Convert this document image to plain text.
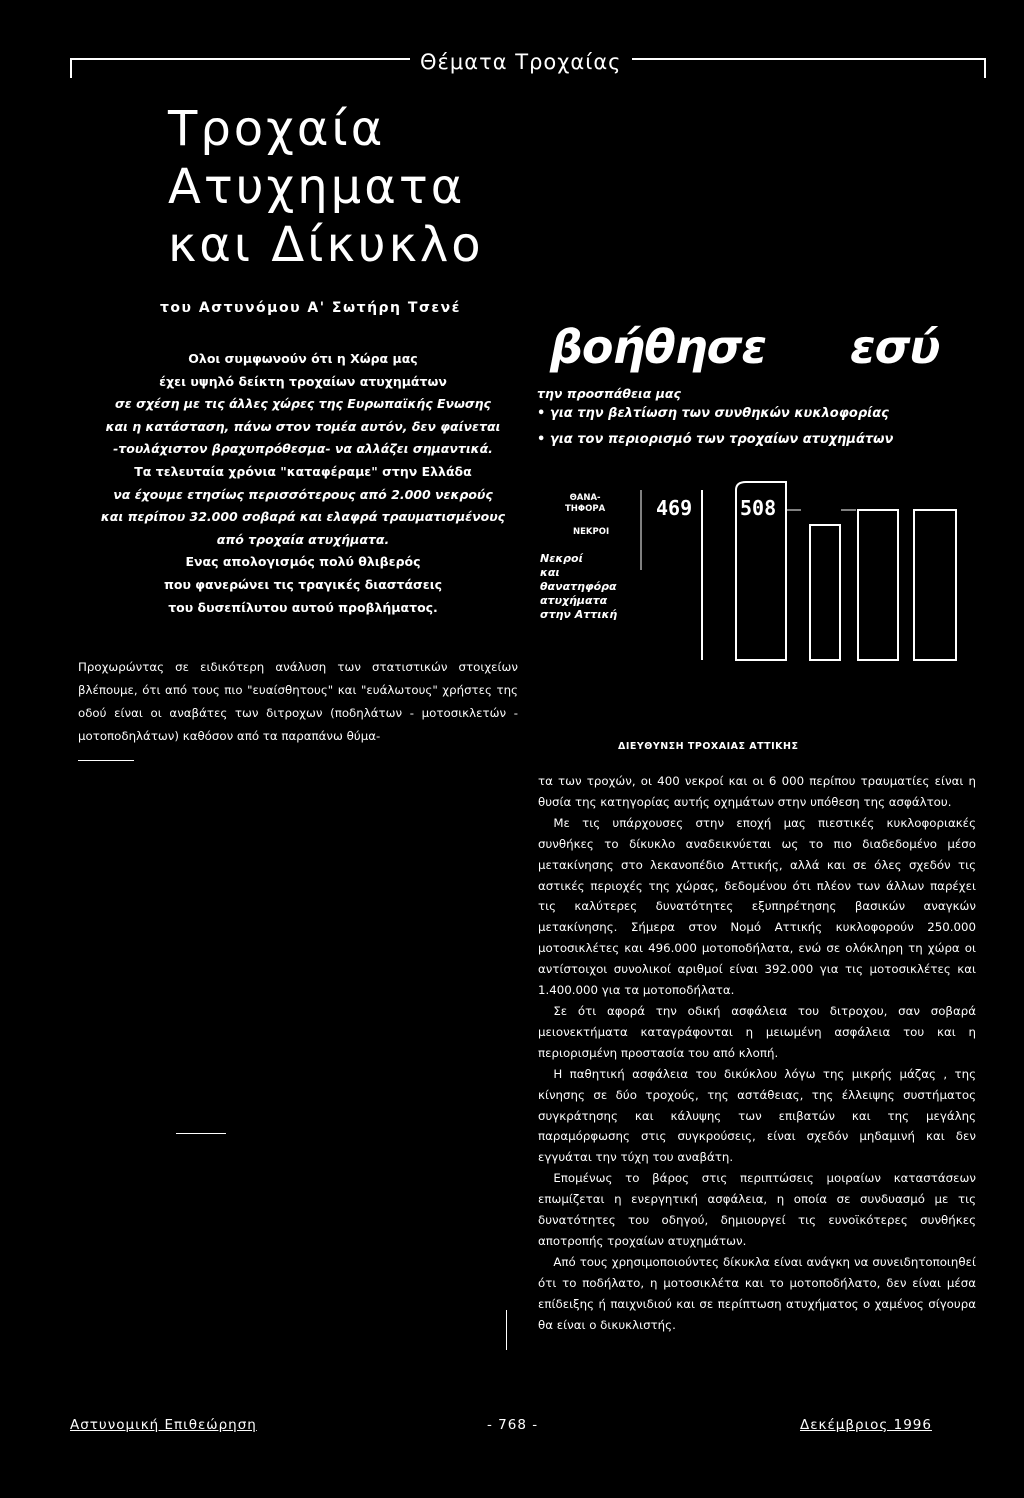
Θέματα Τροχαίας
Τροχαία
Ατυχηματα
και Δίκυκλο
του Αστυνόμου Α' Σωτήρη Τσενέ
Ολοι συμφωνούν ότι η Χώρα μας
έχει υψηλό δείκτη τροχαίων ατυχημάτων
σε σχέση με τις άλλες χώρες της Ευρωπαϊκής Ενωσης
και η κατάσταση, πάνω στον τομέα αυτόν, δεν φαίνεται
-τουλάχιστον βραχυπρόθεσμα- να αλλάζει σημαντικά.
Τα τελευταία χρόνια "καταφέραμε" στην Ελλάδα
να έχουμε ετησίως περισσότερους από 2.000 νεκρούς
και περίπου 32.000 σοβαρά και ελαφρά τραυματισμένους
από τροχαία ατυχήματα.
Ενας απολογισμός πολύ θλιβερός
που φανερώνει τις τραγικές διαστάσεις
του δυσεπίλυτου αυτού προβλήματος.
Προχωρώντας σε ειδικότερη ανάλυση των στατιστικών στοιχείων βλέπουμε, ότι από τους πιο "ευαίσθητους" και "ευάλωτους" χρήστες της οδού είναι οι αναβάτες των διτροχων (ποδηλάτων - μοτοσικλετών - μοτοποδηλάτων) καθόσον από τα παραπάνω θύμα-
βοήθησε εσύ
την προσπάθεια μας
• για την βελτίωση των συνθηκών κυκλοφορίας
• για τον περιορισμό των τροχαίων ατυχημάτων
ΘΑΝΑ-
ΤΗΦΟΡΑ
ΝΕΚΡΟΙ
Νεκροί
και
θανατηφόρα
ατυχήματα
στην Αττική
469 508
ΔΙΕΥΘΥΝΣΗ ΤΡΟΧΑΙΑΣ ΑΤΤΙΚΗΣ

τα των τροχών, οι 400 νεκροί και οι 6 000 περίπου τραυματίες είναι η θυσία της κατηγορίας αυτής οχημάτων στην υπόθεση της ασφάλτου.

Με τις υπάρχουσες στην εποχή μας πιεστικές κυκλοφοριακές συνθήκες το δίκυκλο αναδεικνύεται ως το πιο διαδεδομένο μέσο μετακίνησης στο λεκανοπέδιο Αττικής, αλλά και σε όλες σχεδόν τις αστικές περιοχές της χώρας, δεδομένου ότι πλέον των άλλων παρέχει τις καλύτερες δυνατότητες εξυπηρέτησης βασικών αναγκών μετακίνησης. Σήμερα στον Νομό Αττικής κυκλοφορούν 250.000 μοτοσικλέτες και 496.000 μοτοποδήλατα, ενώ σε ολόκληρη τη χώρα οι αντίστοιχοι συνολικοί αριθμοί είναι 392.000 για τις μοτοσικλέτες και 1.400.000 για τα μοτοποδήλατα.

Σε ότι αφορά την οδική ασφάλεια του διτροχου, σαν σοβαρά μειονεκτήματα καταγράφονται η μειωμένη ασφάλεια του και η περιορισμένη προστασία του από κλοπή.

Η παθητική ασφάλεια του δικύκλου λόγω της μικρής μάζας , της κίνησης σε δύο τροχούς, της αστάθειας, της έλλειψης συστήματος συγκράτησης και κάλυψης των επιβατών και της μεγάλης παραμόρφωσης στις συγκρούσεις, είναι σχεδόν μηδαμινή και δεν εγγυάται την τύχη του αναβάτη.

Επομένως το βάρος στις περιπτώσεις μοιραίων καταστάσεων επωμίζεται η ενεργητική ασφάλεια, η οποία σε συνδυασμό με τις δυνατότητες του οδηγού, δημιουργεί τις ευνοϊκότερες συνθήκες αποτροπής τροχαίων ατυχημάτων.

Από τους χρησιμοποιούντες δίκυκλα είναι ανάγκη να συνειδητοποιηθεί ότι το ποδήλατο, η μοτοσικλέτα και το μοτοποδήλατο, δεν είναι μέσα επίδειξης ή παιχνιδιού και σε περίπτωση ατυχήματος ο χαμένος σίγουρα θα είναι ο δικυκλιστής.

Αστυνομική Επιθεώρηση	- 768 -	Δεκέμβριος 1996
